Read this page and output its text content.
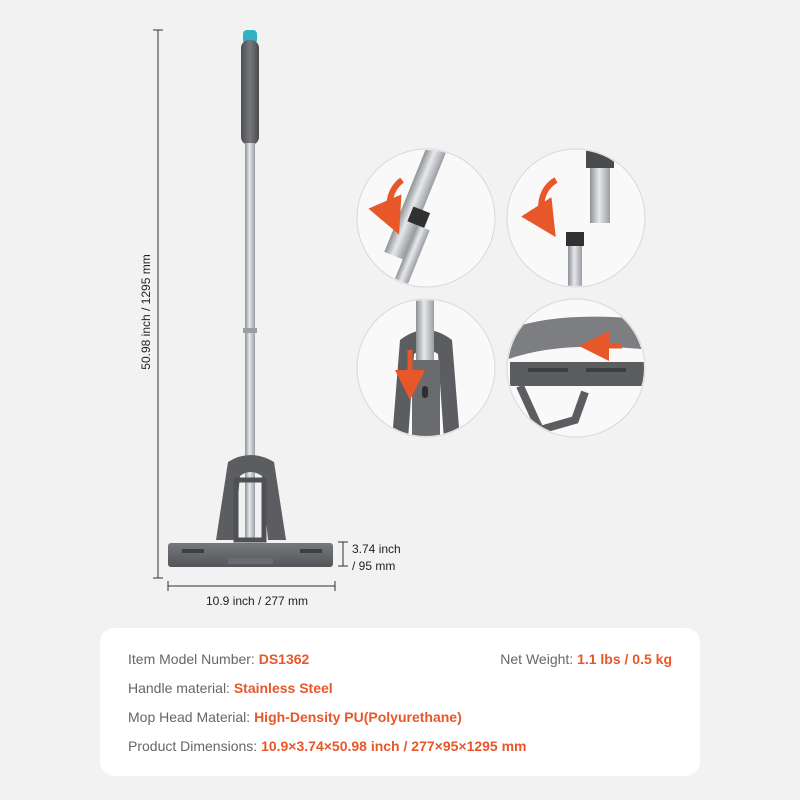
50.98 inch / 1295 mm
10.9 inch / 277 mm
3.74 inch
/ 95 mm
Item Model Number: DS1362	Net Weight: 1.1 lbs / 0.5 kg
Handle material: Stainless Steel
Mop Head Material: High-Density PU(Polyurethane)
Product Dimensions: 10.9×3.74×50.98 inch / 277×95×1295 mm
